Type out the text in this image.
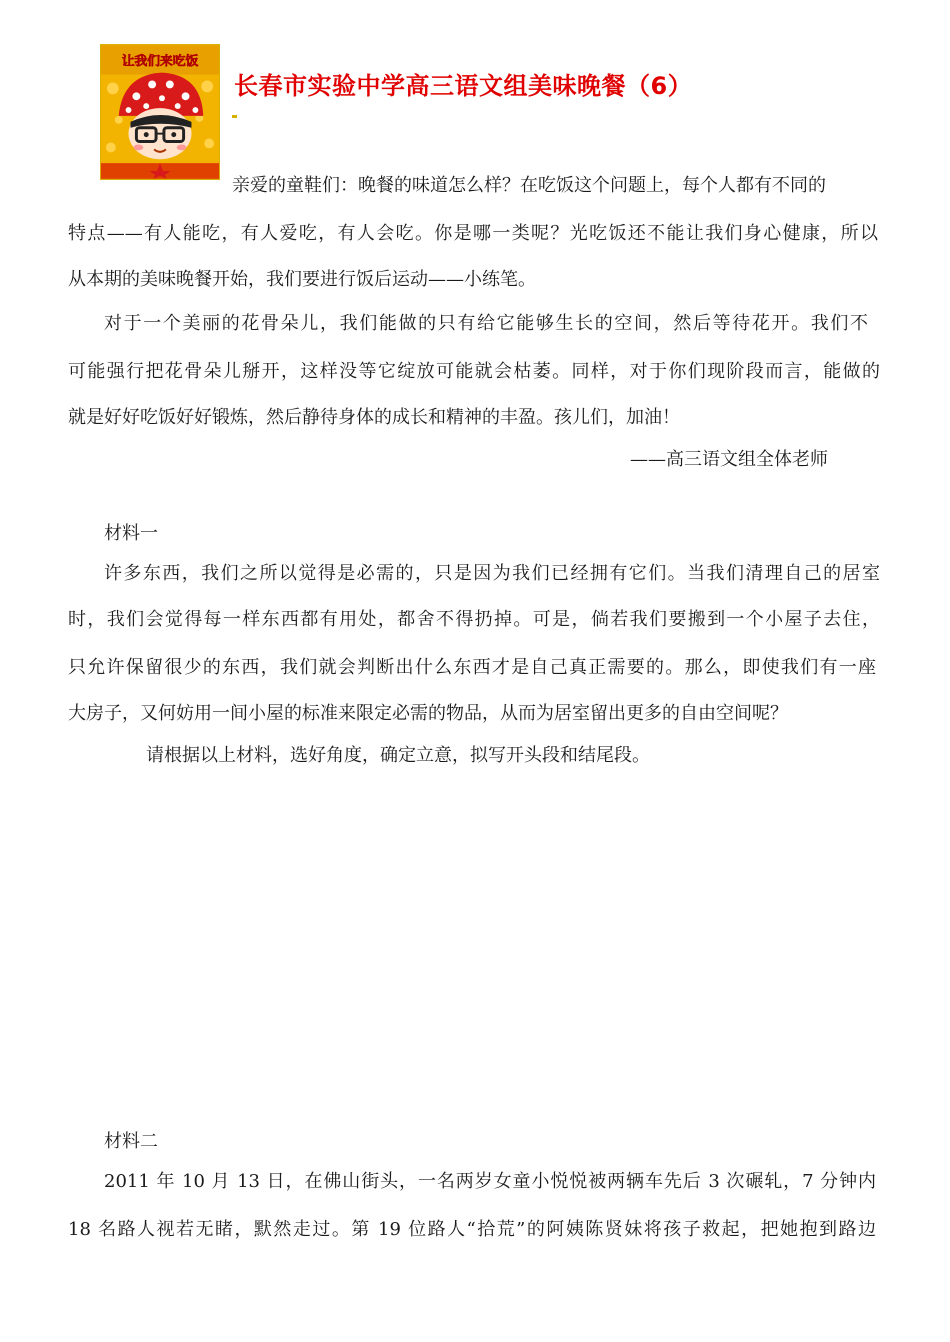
让我们来吃饭
长春市实验中学高三语文组美味晚餐（6）
亲爱的童鞋们：晚餐的味道怎么样？在吃饭这个问题上，每个人都有不同的
特点——有人能吃，有人爱吃，有人会吃。你是哪一类呢？光吃饭还不能让我们身心健康，所以
从本期的美味晚餐开始，我们要进行饭后运动——小练笔。
对于一个美丽的花骨朵儿，我们能做的只有给它能够生长的空间，然后等待花开。我们不
可能强行把花骨朵儿掰开，这样没等它绽放可能就会枯萎。同样，对于你们现阶段而言，能做的
就是好好吃饭好好锻炼，然后静待身体的成长和精神的丰盈。孩儿们，加油！
——高三语文组全体老师
材料一
许多东西，我们之所以觉得是必需的，只是因为我们已经拥有它们。当我们清理自己的居室
时，我们会觉得每一样东西都有用处，都舍不得扔掉。可是，倘若我们要搬到一个小屋子去住，
只允许保留很少的东西，我们就会判断出什么东西才是自己真正需要的。那么，即使我们有一座
大房子，又何妨用一间小屋的标准来限定必需的物品，从而为居室留出更多的自由空间呢？
请根据以上材料，选好角度，确定立意，拟写开头段和结尾段。
材料二
2011 年 10 月 13 日，在佛山街头，一名两岁女童小悦悦被两辆车先后 3 次碾轧，7 分钟内
18 名路人视若无睹，默然走过。第 19 位路人“拾荒”的阿姨陈贤妹将孩子救起，把她抱到路边
